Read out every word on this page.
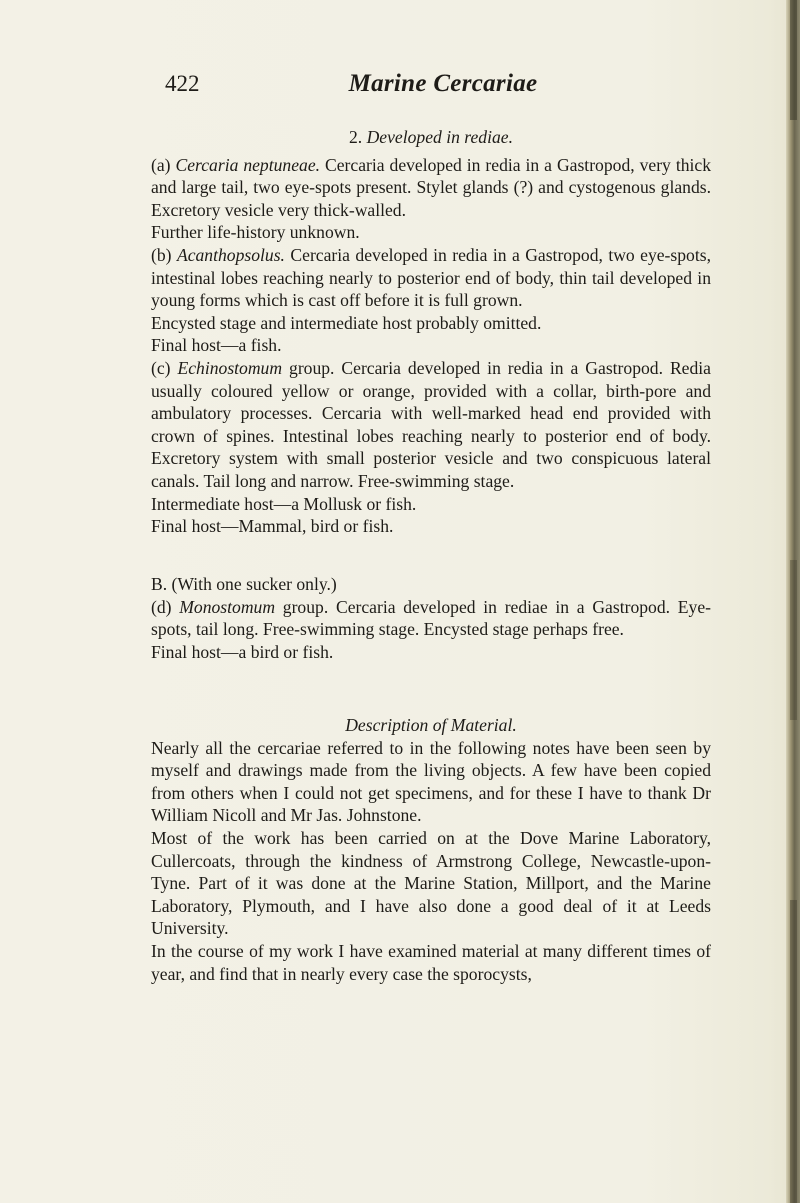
422	Marine Cercariae

2. Developed in rediae.

(a) Cercaria neptuneae. Cercaria developed in redia in a Gastropod, very thick and large tail, two eye-spots present. Stylet glands (?) and cystogenous glands. Excretory vesicle very thick-walled.

Further life-history unknown.

(b) Acanthopsolus. Cercaria developed in redia in a Gastropod, two eye-spots, intestinal lobes reaching nearly to posterior end of body, thin tail developed in young forms which is cast off before it is full grown.

Encysted stage and intermediate host probably omitted.

Final host—a fish.

(c) Echinostomum group. Cercaria developed in redia in a Gastropod. Redia usually coloured yellow or orange, provided with a collar, birth-pore and ambulatory processes. Cercaria with well-marked head end provided with crown of spines. Intestinal lobes reaching nearly to posterior end of body. Excretory system with small posterior vesicle and two conspicuous lateral canals. Tail long and narrow. Free-swimming stage.

Intermediate host—a Mollusk or fish.

Final host—Mammal, bird or fish.

B. (With one sucker only.)

(d) Monostomum group. Cercaria developed in rediae in a Gastropod. Eye-spots, tail long. Free-swimming stage. Encysted stage perhaps free.

Final host—a bird or fish.

Description of Material.

Nearly all the cercariae referred to in the following notes have been seen by myself and drawings made from the living objects. A few have been copied from others when I could not get specimens, and for these I have to thank Dr William Nicoll and Mr Jas. Johnstone.

Most of the work has been carried on at the Dove Marine Laboratory, Cullercoats, through the kindness of Armstrong College, Newcastle-upon-Tyne. Part of it was done at the Marine Station, Millport, and the Marine Laboratory, Plymouth, and I have also done a good deal of it at Leeds University.

In the course of my work I have examined material at many different times of year, and find that in nearly every case the sporocysts,
